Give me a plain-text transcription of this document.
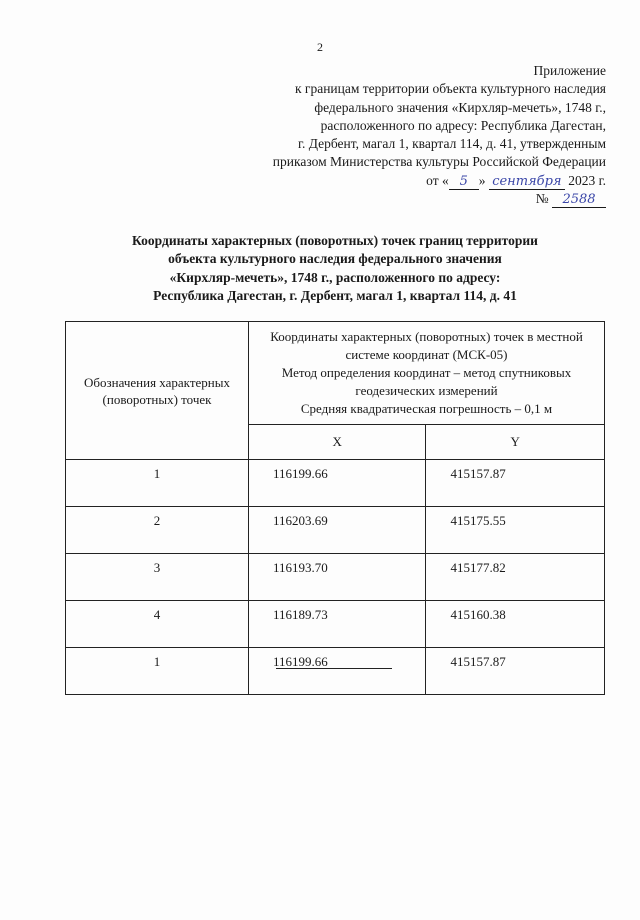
2
Приложение
к границам территории объекта культурного наследия
федерального значения «Кирхляр-мечеть», 1748 г.,
расположенного по адресу: Республика Дагестан,
г. Дербент, магал 1, квартал 114, д. 41, утвержденным
приказом Министерства культуры Российской Федерации
от « 5 » сентября 2023 г.
№ 2588
Координаты характерных (поворотных) точек границ территории
объекта культурного наследия федерального значения
«Кирхляр-мечеть», 1748 г., расположенного по адресу:
Республика Дагестан, г. Дербент, магал 1, квартал 114, д. 41
Обозначения характерных (поворотных) точек	Координаты характерных (поворотных) точек в местной
системе координат (МСК-05)
Метод определения координат – метод спутниковых
геодезических измерений
Средняя квадратическая погрешность – 0,1 м	

	X	Y
1	116199.66	415157.87
2	116203.69	415175.55
3	116193.70	415177.82
4	116189.73	415160.38
1	116199.66	415157.87
